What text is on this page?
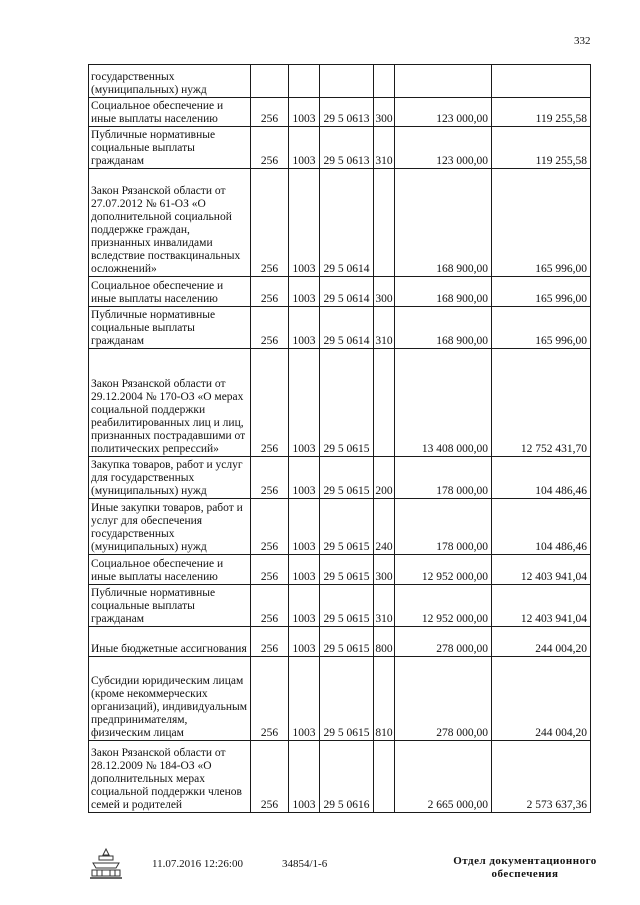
332
государственных (муниципальных) нужд						
Социальное обеспечение и иные выплаты населению	256	1003	29 5 0613	300	123 000,00	119 255,58
Публичные нормативные социальные выплаты гражданам	256	1003	29 5 0613	310	123 000,00	119 255,58
Закон Рязанской области от 27.07.2012 № 61-ОЗ «О дополнительной социальной поддержке граждан, признанных инвалидами вследствие поствакцинальных осложнений»	256	1003	29 5 0614		168 900,00	165 996,00
Социальное обеспечение и иные выплаты населению	256	1003	29 5 0614	300	168 900,00	165 996,00
Публичные нормативные социальные выплаты гражданам	256	1003	29 5 0614	310	168 900,00	165 996,00
Закон Рязанской области от 29.12.2004 № 170-ОЗ «О мерах социальной поддержки реабилитированных лиц и лиц, признанных пострадавшими от политических репрессий»	256	1003	29 5 0615		13 408 000,00	12 752 431,70
Закупка товаров, работ и услуг для государственных (муниципальных) нужд	256	1003	29 5 0615	200	178 000,00	104 486,46
Иные закупки товаров, работ и услуг для обеспечения государственных (муниципальных) нужд	256	1003	29 5 0615	240	178 000,00	104 486,46
Социальное обеспечение и иные выплаты населению	256	1003	29 5 0615	300	12 952 000,00	12 403 941,04
Публичные нормативные социальные выплаты гражданам	256	1003	29 5 0615	310	12 952 000,00	12 403 941,04
Иные бюджетные ассигнования	256	1003	29 5 0615	800	278 000,00	244 004,20
Субсидии юридическим лицам (кроме некоммерческих организаций), индивидуальным предпринимателям, физическим лицам	256	1003	29 5 0615	810	278 000,00	244 004,20
Закон Рязанской области от 28.12.2009 № 184-ОЗ «О дополнительных мерах социальной поддержки членов семей и родителей	256	1003	29 5 0616		2 665 000,00	2 573 637,36
11.07.2016 12:26:00	34854/1-6	Отдел документационного
обеспечения
